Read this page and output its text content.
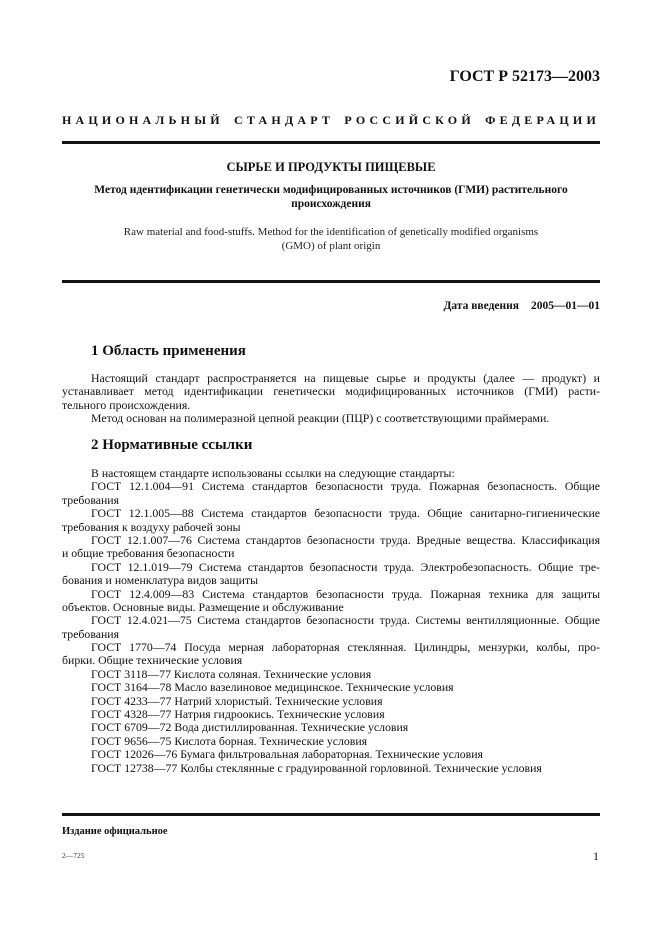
ГОСТ Р 52173—2003
НАЦИОНАЛЬНЫЙ СТАНДАРТ РОССИЙСКОЙ ФЕДЕРАЦИИ
СЫРЬЕ И ПРОДУКТЫ ПИЩЕВЫЕ
Метод идентификации генетически модифицированных источников (ГМИ) растительного
происхождения
Raw material and food-stuffs. Method for the identification of genetically modified organisms
(GMO) of plant origin
Дата введения 2005—01—01
1 Область применения
Настоящий стандарт распространяется на пищевые сырье и продукты (далее — продукт) и
устанавливает метод идентификации генетически модифицированных источников (ГМИ) расти-
тельного происхождения.
Метод основан на полимеразной цепной реакции (ПЦР) с соответствующими праймерами.
2 Нормативные ссылки
В настоящем стандарте использованы ссылки на следующие стандарты:
ГОСТ 12.1.004—91 Система стандартов безопасности труда. Пожарная безопасность. Общие
требования
ГОСТ 12.1.005—88 Система стандартов безопасности труда. Общие санитарно-гигиенические
требования к воздуху рабочей зоны
ГОСТ 12.1.007—76 Система стандартов безопасности труда. Вредные вещества. Классификация
и общие требования безопасности
ГОСТ 12.1.019—79 Система стандартов безопасности труда. Электробезопасность. Общие тре-
бования и номенклатура видов защиты
ГОСТ 12.4.009—83 Система стандартов безопасности труда. Пожарная техника для защиты
объектов. Основные виды. Размещение и обслуживание
ГОСТ 12.4.021—75 Система стандартов безопасности труда. Системы вентилляционные. Общие
требования
ГОСТ 1770—74 Посуда мерная лабораторная стеклянная. Цилиндры, мензурки, колбы, про-
бирки. Общие технические условия
ГОСТ 3118—77 Кислота соляная. Технические условия
ГОСТ 3164—78 Масло вазелиновое медицинское. Технические условия
ГОСТ 4233—77 Натрий хлористый. Технические условия
ГОСТ 4328—77 Натрия гидроокись. Технические условия
ГОСТ 6709—72 Вода дистиллированная. Технические условия
ГОСТ 9656—75 Кислота борная. Технические условия
ГОСТ 12026—76 Бумага фильтровальная лабораторная. Технические условия
ГОСТ 12738—77 Колбы стеклянные с градуированной горловиной. Технические условия
Издание официальное
2—725	1
